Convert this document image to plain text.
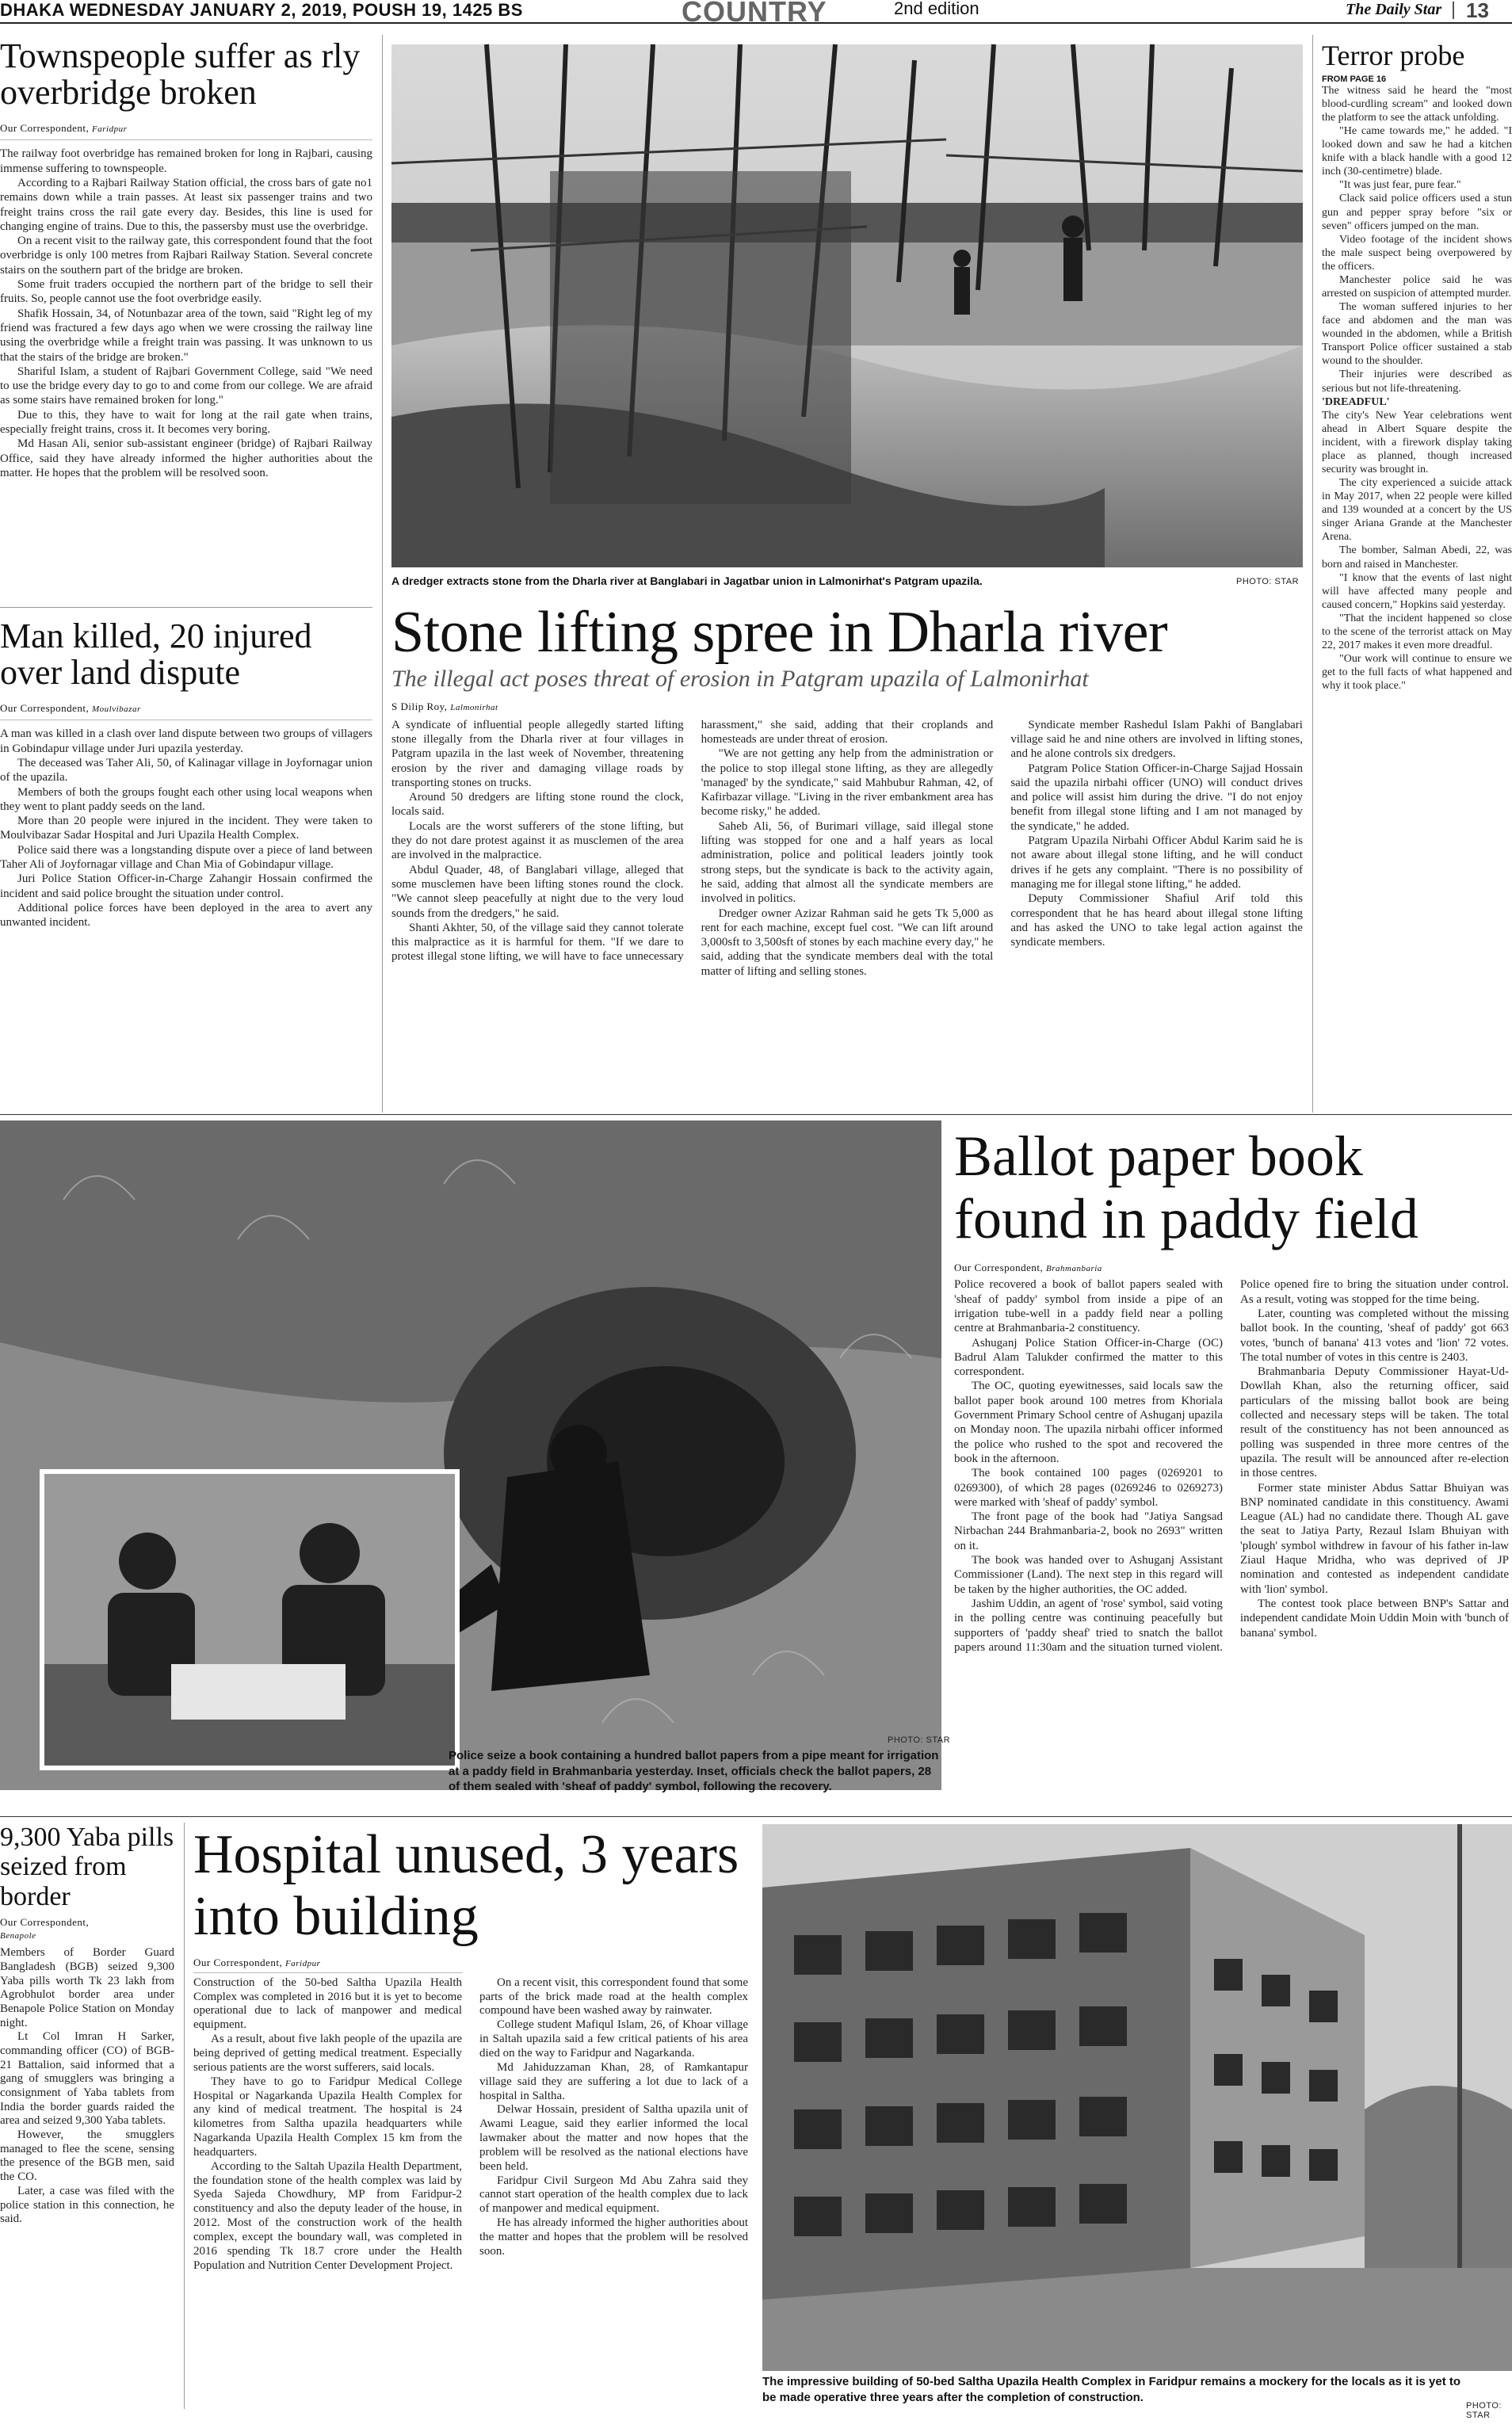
DHAKA WEDNESDAY JANUARY 2, 2019, POUSH 19, 1425 BS	COUNTRY	2nd edition	The Daily Star 13
Townspeople suffer as rly overbridge broken
Our Correspondent, Faridpur

The railway foot overbridge has remained broken for long in Rajbari, causing immense suffering to townspeople.

According to a Rajbari Railway Station official, the cross bars of gate no1 remains down while a train passes. At least six passenger trains and two freight trains cross the rail gate every day. Besides, this line is used for changing engine of trains. Due to this, the passersby must use the overbridge.

On a recent visit to the railway gate, this correspondent found that the foot overbridge is only 100 metres from Rajbari Railway Station. Several concrete stairs on the southern part of the bridge are broken.

Some fruit traders occupied the northern part of the bridge to sell their fruits. So, people cannot use the foot overbridge easily.

Shafik Hossain, 34, of Notunbazar area of the town, said "Right leg of my friend was fractured a few days ago when we were crossing the railway line using the overbridge while a freight train was passing. It was unknown to us that the stairs of the bridge are broken."

Shariful Islam, a student of Rajbari Government College, said "We need to use the bridge every day to go to and come from our college. We are afraid as some stairs have remained broken for long."

Due to this, they have to wait for long at the rail gate when trains, especially freight trains, cross it. It becomes very boring.

Md Hasan Ali, senior sub-assistant engineer (bridge) of Rajbari Railway Office, said they have already informed the higher authorities about the matter. He hopes that the problem will be resolved soon.

Man killed, 20 injured over land dispute
Our Correspondent, Moulvibazar

A man was killed in a clash over land dispute between two groups of villagers in Gobindapur village under Juri upazila yesterday.

The deceased was Taher Ali, 50, of Kalinagar village in Joyfornagar union of the upazila.

Members of both the groups fought each other using local weapons when they went to plant paddy seeds on the land.

More than 20 people were injured in the incident. They were taken to Moulvibazar Sadar Hospital and Juri Upazila Health Complex.

Police said there was a longstanding dispute over a piece of land between Taher Ali of Joyfornagar village and Chan Mia of Gobindapur village.

Juri Police Station Officer-in-Charge Zahangir Hossain confirmed the incident and said police brought the situation under control.

Additional police forces have been deployed in the area to avert any unwanted incident.

A dredger extracts stone from the Dharla river at Banglabari in Jagatbar union in Lalmonirhat's Patgram upazila.	PHOTO: STAR
Stone lifting spree in Dharla river
The illegal act poses threat of erosion in Patgram upazila of Lalmonirhat
S Dilip Roy, Lalmonirhat

A syndicate of influential people allegedly started lifting stone illegally from the Dharla river at four villages in Patgram upazila in the last week of November, threatening erosion by the river and damaging village roads by transporting stones on trucks.

Around 50 dredgers are lifting stone round the clock, locals said.

Locals are the worst sufferers of the stone lifting, but they do not dare protest against it as musclemen of the area are involved in the malpractice.

Abdul Quader, 48, of Banglabari village, alleged that some musclemen have been lifting stones round the clock. "We cannot sleep peacefully at night due to the very loud sounds from the dredgers," he said.

Shanti Akhter, 50, of the village said they cannot tolerate this malpractice as it is harmful for them. "If we dare to protest illegal stone lifting, we will have to face unnecessary harassment," she said, adding that their croplands and homesteads are under threat of erosion.

"We are not getting any help from the administration or the police to stop illegal stone lifting, as they are allegedly 'managed' by the syndicate," said Mahbubur Rahman, 42, of Kafirbazar village. "Living in the river embankment area has become risky," he added.

Saheb Ali, 56, of Burimari village, said illegal stone lifting was stopped for one and a half years as local administration, police and political leaders jointly took strong steps, but the syndicate is back to the activity again, he said, adding that almost all the syndicate members are involved in politics.

Dredger owner Azizar Rahman said he gets Tk 5,000 as rent for each machine, except fuel cost. "We can lift around 3,000sft to 3,500sft of stones by each machine every day," he said, adding that the syndicate members deal with the total matter of lifting and selling stones.

Syndicate member Rashedul Islam Pakhi of Banglabari village said he and nine others are involved in lifting stones, and he alone controls six dredgers.

Patgram Police Station Officer-in-Charge Sajjad Hossain said the upazila nirbahi officer (UNO) will conduct drives and police will assist him during the drive. "I do not enjoy benefit from illegal stone lifting and I am not managed by the syndicate," he added.

Patgram Upazila Nirbahi Officer Abdul Karim said he is not aware about illegal stone lifting, and he will conduct drives if he gets any complaint. "There is no possibility of managing me for illegal stone lifting," he added.

Deputy Commissioner Shafiul Arif told this correspondent that he has heard about illegal stone lifting and has asked the UNO to take legal action against the syndicate members.

Terror probe
FROM PAGE 16

The witness said he heard the "most blood-curdling scream" and looked down the platform to see the attack unfolding.

"He came towards me," he added. "I looked down and saw he had a kitchen knife with a black handle with a good 12 inch (30-centimetre) blade.

"It was just fear, pure fear."

Clack said police officers used a stun gun and pepper spray before "six or seven" officers jumped on the man.

Video footage of the incident shows the male suspect being overpowered by the officers.

Manchester police said he was arrested on suspicion of attempted murder.

The woman suffered injuries to her face and abdomen and the man was wounded in the abdomen, while a British Transport Police officer sustained a stab wound to the shoulder.

Their injuries were described as serious but not life-threatening.

'DREADFUL'

The city's New Year celebrations went ahead in Albert Square despite the incident, with a firework display taking place as planned, though increased security was brought in.

The city experienced a suicide attack in May 2017, when 22 people were killed and 139 wounded at a concert by the US singer Ariana Grande at the Manchester Arena.

The bomber, Salman Abedi, 22, was born and raised in Manchester.

"I know that the events of last night will have affected many people and caused concern," Hopkins said yesterday.

"That the incident happened so close to the scene of the terrorist attack on May 22, 2017 makes it even more dreadful.

"Our work will continue to ensure we get to the full facts of what happened and why it took place."

PHOTO: STAR
Police seize a book containing a hundred ballot papers from a pipe meant for irrigation at a paddy field in Brahmanbaria yesterday. Inset, officials check the ballot papers, 28 of them sealed with 'sheaf of paddy' symbol, following the recovery.
Ballot paper book found in paddy field
Our Correspondent, Brahmanbaria

Police recovered a book of ballot papers sealed with 'sheaf of paddy' symbol from inside a pipe of an irrigation tube-well in a paddy field near a polling centre at Brahmanbaria-2 constituency.

Ashuganj Police Station Officer-in-Charge (OC) Badrul Alam Talukder confirmed the matter to this correspondent.

The OC, quoting eyewitnesses, said locals saw the ballot paper book around 100 metres from Khoriala Government Primary School centre of Ashuganj upazila on Monday noon. The upazila nirbahi officer informed the police who rushed to the spot and recovered the book in the afternoon.

The book contained 100 pages (0269201 to 0269300), of which 28 pages (0269246 to 0269273) were marked with 'sheaf of paddy' symbol.

The front page of the book had "Jatiya Sangsad Nirbachan 244 Brahmanbaria-2, book no 2693" written on it.

The book was handed over to Ashuganj Assistant Commissioner (Land). The next step in this regard will be taken by the higher authorities, the OC added.

Jashim Uddin, an agent of 'rose' symbol, said voting in the polling centre was continuing peacefully but supporters of 'paddy sheaf' tried to snatch the ballot papers around 11:30am and the situation turned violent. Police opened fire to bring the situation under control. As a result, voting was stopped for the time being.

Later, counting was completed without the missing ballot book. In the counting, 'sheaf of paddy' got 663 votes, 'bunch of banana' 413 votes and 'lion' 72 votes. The total number of votes in this centre is 2403.

Brahmanbaria Deputy Commissioner Hayat-Ud-Dowllah Khan, also the returning officer, said particulars of the missing ballot book are being collected and necessary steps will be taken. The total result of the constituency has not been announced as polling was suspended in three more centres of the upazila. The result will be announced after re-election in those centres.

Former state minister Abdus Sattar Bhuiyan was BNP nominated candidate in this constituency. Awami League (AL) had no candidate there. Though AL gave the seat to Jatiya Party, Rezaul Islam Bhuiyan with 'plough' symbol withdrew in favour of his father in-law Ziaul Haque Mridha, who was deprived of JP nomination and contested as independent candidate with 'lion' symbol.

The contest took place between BNP's Sattar and independent candidate Moin Uddin Moin with 'bunch of banana' symbol.

9,300 Yaba pills seized from border
Our Correspondent,
Benapole

Members of Border Guard Bangladesh (BGB) seized 9,300 Yaba pills worth Tk 23 lakh from Agrobhulot border area under Benapole Police Station on Monday night.

Lt Col Imran H Sarker, commanding officer (CO) of BGB-21 Battalion, said informed that a gang of smugglers was bringing a consignment of Yaba tablets from India the border guards raided the area and seized 9,300 Yaba tablets.

However, the smugglers managed to flee the scene, sensing the presence of the BGB men, said the CO.

Later, a case was filed with the police station in this connection, he said.

Hospital unused, 3 years into building
Our Correspondent, Faridpur

Construction of the 50-bed Saltha Upazila Health Complex was completed in 2016 but it is yet to become operational due to lack of manpower and medical equipment.

As a result, about five lakh people of the upazila are being deprived of getting medical treatment. Especially serious patients are the worst sufferers, said locals.

They have to go to Faridpur Medical College Hospital or Nagarkanda Upazila Health Complex for any kind of medical treatment. The hospital is 24 kilometres from Saltha upazila headquarters while Nagarkanda Upazila Health Complex 15 km from the headquarters.

According to the Saltah Upazila Health Department, the foundation stone of the health complex was laid by Syeda Sajeda Chowdhury, MP from Faridpur-2 constituency and also the deputy leader of the house, in 2012. Most of the construction work of the health complex, except the boundary wall, was completed in 2016 spending Tk 18.7 crore under the Health Population and Nutrition Center Development Project.

On a recent visit, this correspondent found that some parts of the brick made road at the health complex compound have been washed away by rainwater.

College student Mafiqul Islam, 26, of Khoar village in Saltah upazila said a few critical patients of his area died on the way to Faridpur and Nagarkanda.

Md Jahiduzzaman Khan, 28, of Ramkantapur village said they are suffering a lot due to lack of a hospital in Saltha.

Delwar Hossain, president of Saltha upazila unit of Awami League, said they earlier informed the local lawmaker about the matter and now hopes that the problem will be resolved as the national elections have been held.

Faridpur Civil Surgeon Md Abu Zahra said they cannot start operation of the health complex due to lack of manpower and medical equipment.

He has already informed the higher authorities about the matter and hopes that the problem will be resolved soon.

The impressive building of 50-bed Saltha Upazila Health Complex in Faridpur remains a mockery for the locals as it is yet to be made operative three years after the completion of construction.
PHOTO: STAR
